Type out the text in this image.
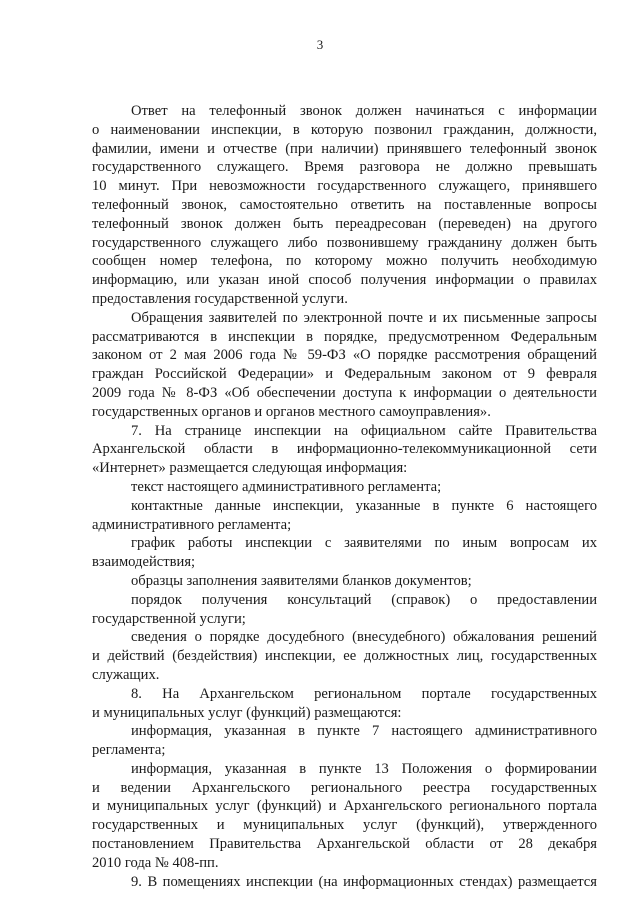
3
Ответ на телефонный звонок должен начинаться с информации
о наименовании инспекции, в которую позвонил гражданин, должности,
фамилии, имени и отчестве (при наличии) принявшего телефонный звонок
государственного служащего. Время разговора не должно превышать
10 минут. При невозможности государственного служащего, принявшего
телефонный звонок, самостоятельно ответить на поставленные вопросы
телефонный звонок должен быть переадресован (переведен) на другого
государственного служащего либо позвонившему гражданину должен быть
сообщен номер телефона, по которому можно получить необходимую
информацию, или указан иной способ получения информации о правилах
предоставления государственной услуги.
Обращения заявителей по электронной почте и их письменные запросы
рассматриваются в инспекции в порядке, предусмотренном Федеральным
законом от 2 мая 2006 года № 59-ФЗ «О порядке рассмотрения обращений
граждан Российской Федерации» и Федеральным законом от 9 февраля
2009 года № 8-ФЗ «Об обеспечении доступа к информации о деятельности
государственных органов и органов местного самоуправления».
7. На странице инспекции на официальном сайте Правительства
Архангельской области в информационно-телекоммуникационной сети
«Интернет» размещается следующая информация:
текст настоящего административного регламента;
контактные данные инспекции, указанные в пункте 6 настоящего
административного регламента;
график работы инспекции с заявителями по иным вопросам их
взаимодействия;
образцы заполнения заявителями бланков документов;
порядок получения консультаций (справок) о предоставлении
государственной услуги;
сведения о порядке досудебного (внесудебного) обжалования решений
и действий (бездействия) инспекции, ее должностных лиц, государственных
служащих.
8. На Архангельском региональном портале государственных
и муниципальных услуг (функций) размещаются:
информация, указанная в пункте 7 настоящего административного
регламента;
информация, указанная в пункте 13 Положения о формировании
и ведении Архангельского регионального реестра государственных
и муниципальных услуг (функций) и Архангельского регионального портала
государственных и муниципальных услуг (функций), утвержденного
постановлением Правительства Архангельской области от 28 декабря
2010 года № 408-пп.
9. В помещениях инспекции (на информационных стендах) размещается
